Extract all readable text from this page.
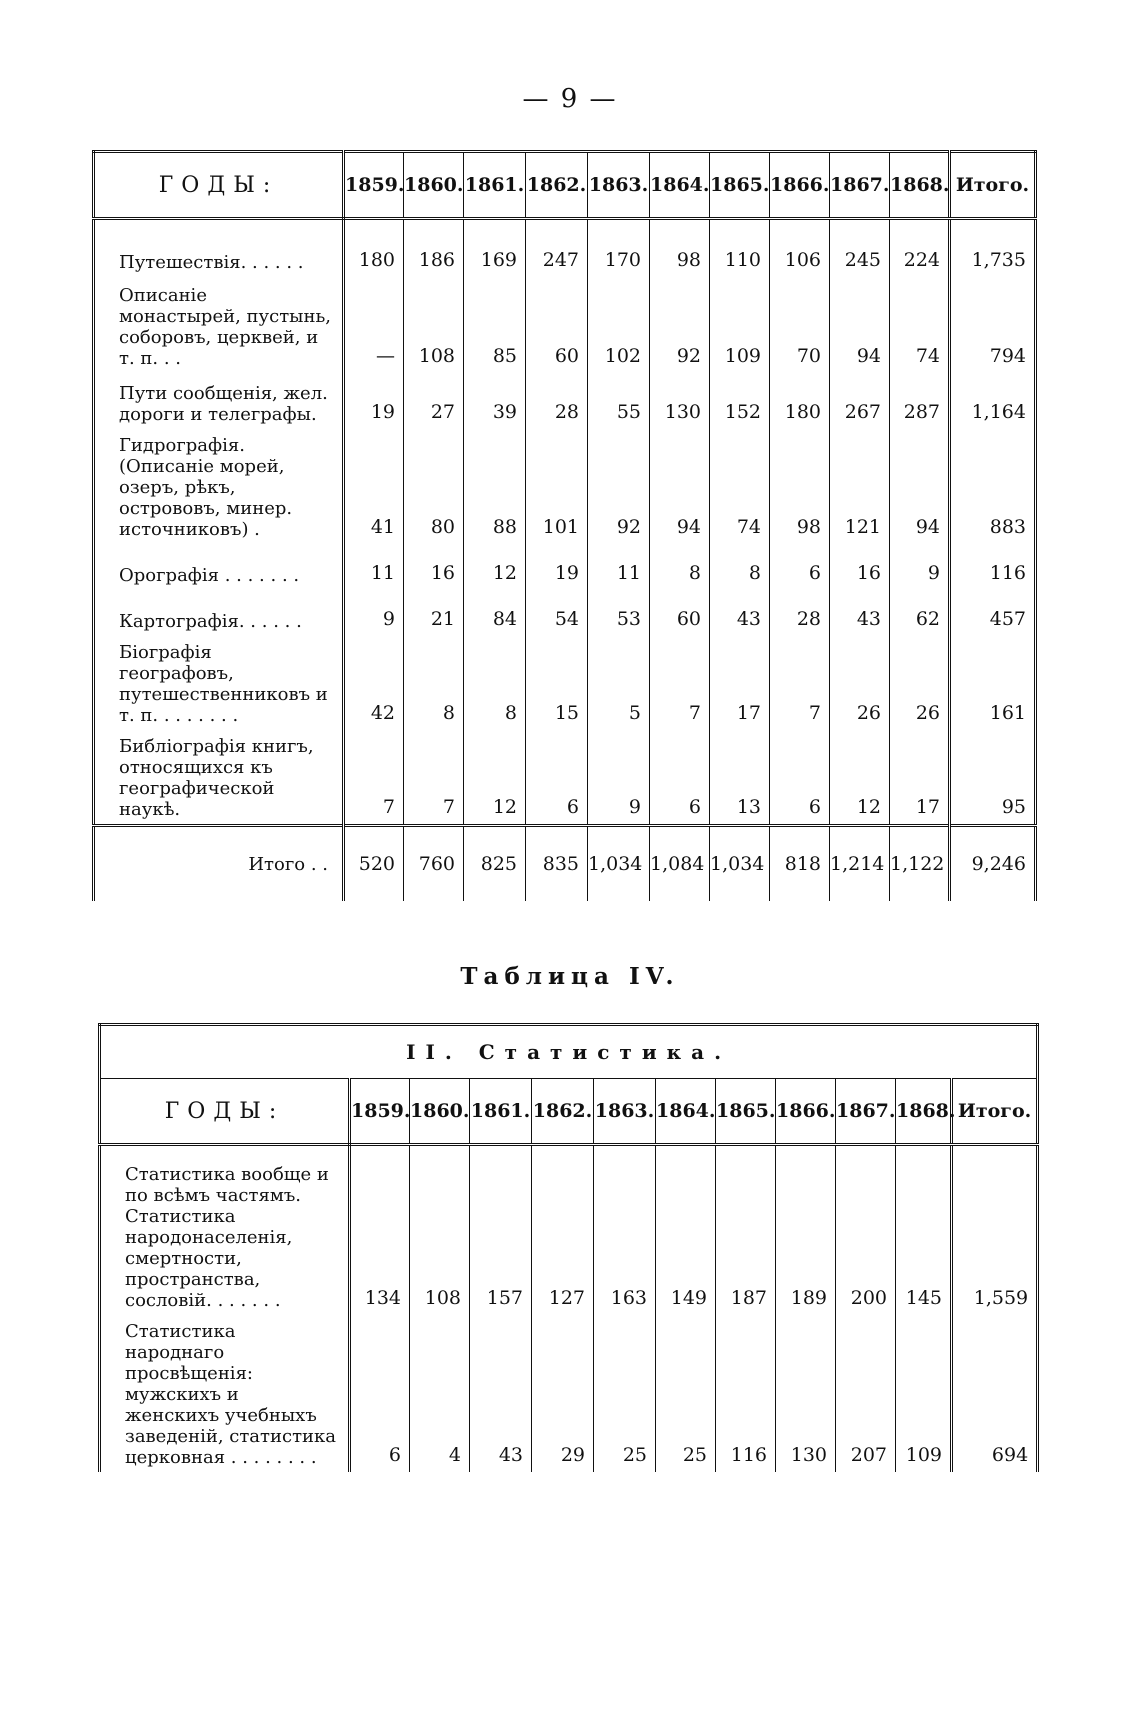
— 9 —
ГОДЫ:	1859.	1860.	1861.	1862.	1863.	1864.	1865.	1866.	1867.	1868.	Итого.
Путешествія. . . . . .	180	186	169	247	170	98	110	106	245	224	1,735
Описаніе монастырей, пустынь, соборовъ, церквей, и т. п. . .	—	108	85	60	102	92	109	70	94	74	794
Пути сообщенія, жел. дороги и телеграфы.	19	27	39	28	55	130	152	180	267	287	1,164
Гидрографія. (Описаніе морей, озеръ, рѣкъ, острововъ, минер. источниковъ) .	41	80	88	101	92	94	74	98	121	94	883
Орографія . . . . . . .	11	16	12	19	11	8	8	6	16	9	116
Картографія. . . . . .	9	21	84	54	53	60	43	28	43	62	457
Біографія географовъ, путешественниковъ и т. п. . . . . . . .	42	8	8	15	5	7	17	7	26	26	161
Библіографія книгъ, относящихся къ географической наукѣ.	7	7	12	6	9	6	13	6	12	17	95
Итого . .	520	760	825	835	1,034	1,084	1,034	818	1,214	1,122	9,246
Таблица IV.
II. Статистика.											
ГОДЫ:	1859.	1860.	1861.	1862.	1863.	1864.	1865.	1866.	1867.	1868.	Итого.
Статистика вообще и по всѣмъ частямъ. Статистика народонаселенія, смертности, пространства, сословій. . . . . . .	134	108	157	127	163	149	187	189	200	145	1,559
Статистика народнаго просвѣщенія: мужскихъ и женскихъ учебныхъ заведеній, статистика церковная . . . . . . . .	6	4	43	29	25	25	116	130	207	109	694
